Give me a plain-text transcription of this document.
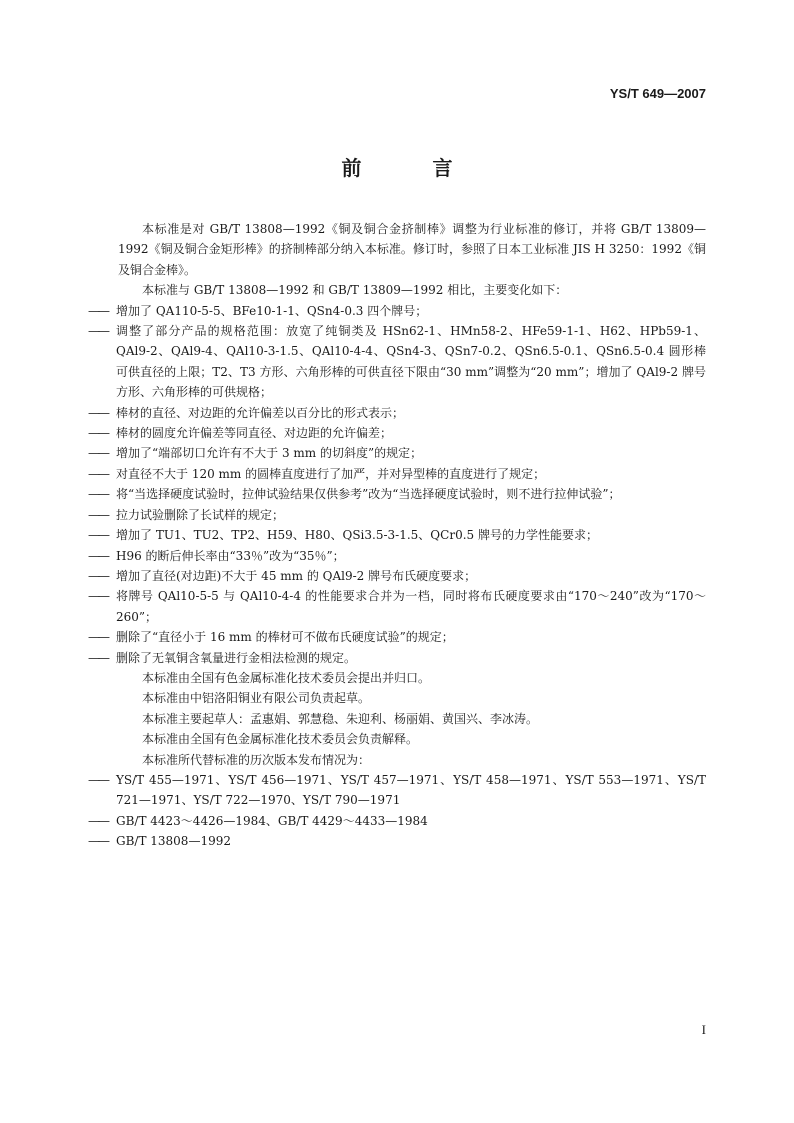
YS/T 649—2007
前 言

本标准是对 GB/T 13808—1992《铜及铜合金挤制棒》调整为行业标准的修订，并将 GB/T 13809—1992《铜及铜合金矩形棒》的挤制棒部分纳入本标准。修订时，参照了日本工业标准 JIS H 3250：1992《铜及铜合金棒》。

本标准与 GB/T 13808—1992 和 GB/T 13809—1992 相比，主要变化如下：

—— 增加了 QA110-5-5、BFe10-1-1、QSn4-0.3 四个牌号；
—— 调整了部分产品的规格范围：放宽了纯铜类及 HSn62-1、HMn58-2、HFe59-1-1、H62、HPb59-1、QAl9-2、QAl9-4、QAl10-3-1.5、QAl10-4-4、QSn4-3、QSn7-0.2、QSn6.5-0.1、QSn6.5-0.4 圆形棒可供直径的上限；T2、T3 方形、六角形棒的可供直径下限由“30 mm”调整为“20 mm”；增加了 QAl9-2 牌号方形、六角形棒的可供规格；
—— 棒材的直径、对边距的允许偏差以百分比的形式表示；
—— 棒材的圆度允许偏差等同直径、对边距的允许偏差；
—— 增加了“端部切口允许有不大于 3 mm 的切斜度”的规定；
—— 对直径不大于 120 mm 的圆棒直度进行了加严，并对异型棒的直度进行了规定；
—— 将“当选择硬度试验时，拉伸试验结果仅供参考”改为“当选择硬度试验时，则不进行拉伸试验”；
—— 拉力试验删除了长试样的规定；
—— 增加了 TU1、TU2、TP2、H59、H80、QSi3.5-3-1.5、QCr0.5 牌号的力学性能要求；
—— H96 的断后伸长率由“33％”改为“35％”；
—— 增加了直径(对边距)不大于 45 mm 的 QAl9-2 牌号布氏硬度要求；
—— 将牌号 QAl10-5-5 与 QAl10-4-4 的性能要求合并为一档，同时将布氏硬度要求由“170～240”改为“170～260”；
—— 删除了“直径小于 16 mm 的棒材可不做布氏硬度试验”的规定；
—— 删除了无氧铜含氧量进行金相法检测的规定。

本标准由全国有色金属标准化技术委员会提出并归口。

本标准由中铝洛阳铜业有限公司负责起草。

本标准主要起草人：孟惠娟、郭慧稳、朱迎利、杨丽娟、黄国兴、李冰涛。

本标准由全国有色金属标准化技术委员会负责解释。

本标准所代替标准的历次版本发布情况为：

—— YS/T 455—1971、YS/T 456—1971、YS/T 457—1971、YS/T 458—1971、YS/T 553—1971、YS/T 721—1971、YS/T 722—1970、YS/T 790—1971
—— GB/T 4423～4426—1984、GB/T 4429～4433—1984
—— GB/T 13808—1992
I
